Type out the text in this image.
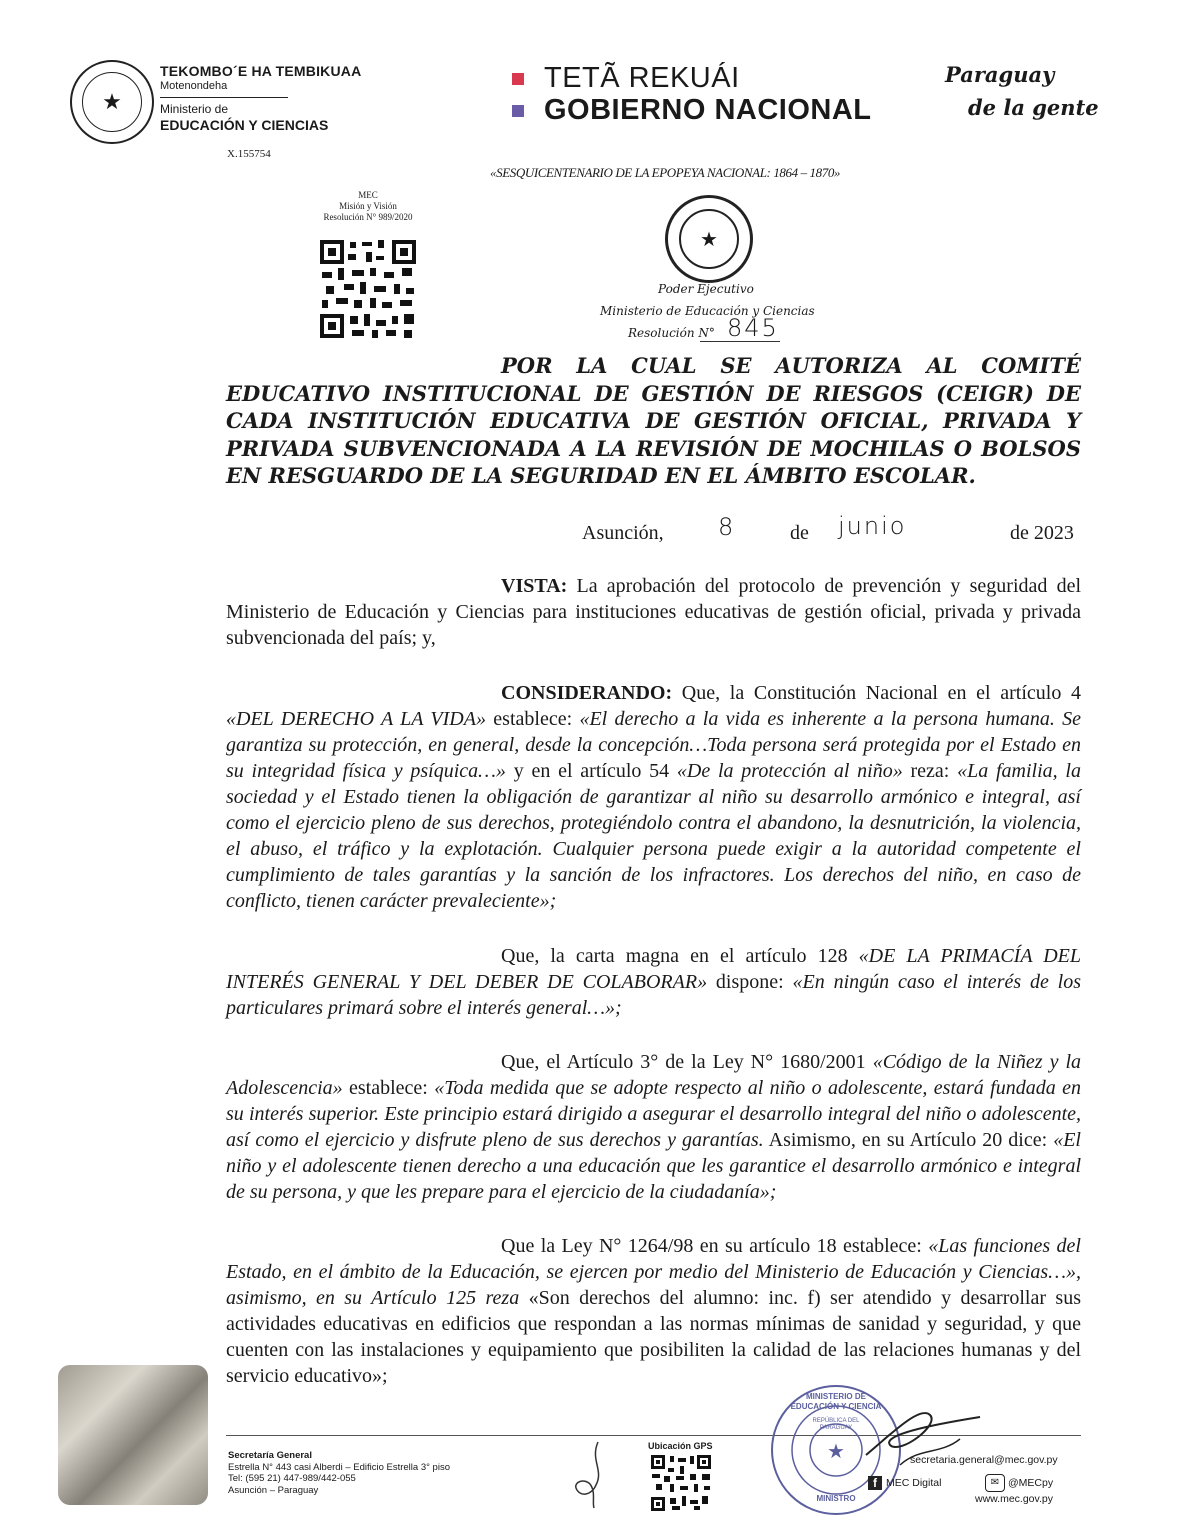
★
TEKOMBO´E HA TEMBIKUAA
Motenondeha
Ministerio de
EDUCACIÓN Y CIENCIAS
X.155754
TETÃ REKUÁI
GOBIERNO NACIONAL
Paraguay
de la gente
«SESQUICENTENARIO DE LA EPOPEYA NACIONAL: 1864 – 1870»
MEC
Misión y Visión
Resolución N° 989/2020
★
Poder Ejecutivo
Ministerio de Educación y Ciencias
Resolución N° 845
POR LA CUAL SE AUTORIZA AL COMITÉ EDUCATIVO INSTITUCIONAL DE GESTIÓN DE RIESGOS (CEIGR) DE CADA INSTITUCIÓN EDUCATIVA DE GESTIÓN OFICIAL, PRIVADA Y PRIVADA SUBVENCIONADA A LA REVISIÓN DE MOCHILAS O BOLSOS EN RESGUARDO DE LA SEGURIDAD EN EL ÁMBITO ESCOLAR.
Asunción, 8	de junio	de 2023
VISTA: La aprobación del protocolo de prevención y seguridad del Ministerio de Educación y Ciencias para instituciones educativas de gestión oficial, privada y privada subvencionada del país; y,
CONSIDERANDO: Que, la Constitución Nacional en el artículo 4 «DEL DERECHO A LA VIDA» establece: «El derecho a la vida es inherente a la persona humana. Se garantiza su protección, en general, desde la concepción…Toda persona será protegida por el Estado en su integridad física y psíquica…» y en el artículo 54 «De la protección al niño» reza: «La familia, la sociedad y el Estado tienen la obligación de garantizar al niño su desarrollo armónico e integral, así como el ejercicio pleno de sus derechos, protegiéndolo contra el abandono, la desnutrición, la violencia, el abuso, el tráfico y la explotación. Cualquier persona puede exigir a la autoridad competente el cumplimiento de tales garantías y la sanción de los infractores. Los derechos del niño, en caso de conflicto, tienen carácter prevaleciente»;
Que, la carta magna en el artículo 128 «DE LA PRIMACÍA DEL INTERÉS GENERAL Y DEL DEBER DE COLABORAR» dispone: «En ningún caso el interés de los particulares primará sobre el interés general…»;
Que, el Artículo 3° de la Ley N° 1680/2001 «Código de la Niñez y la Adolescencia» establece: «Toda medida que se adopte respecto al niño o adolescente, estará fundada en su interés superior. Este principio estará dirigido a asegurar el desarrollo integral del niño o adolescente, así como el ejercicio y disfrute pleno de sus derechos y garantías. Asimismo, en su Artículo 20 dice: «El niño y el adolescente tienen derecho a una educación que les garantice el desarrollo armónico e integral de su persona, y que les prepare para el ejercicio de la ciudadanía»;
Que la Ley N° 1264/98 en su artículo 18 establece: «Las funciones del Estado, en el ámbito de la Educación, se ejercen por medio del Ministerio de Educación y Ciencias…», asimismo, en su Artículo 125 reza «Son derechos del alumno: inc. f) ser atendido y desarrollar sus actividades educativas en edificios que respondan a las normas mínimas de sanidad y seguridad, y que cuenten con las instalaciones y equipamiento que posibiliten la calidad de las relaciones humanas y del servicio educativo»;
Secretaría General
Estrella N° 443 casi Alberdi – Edificio Estrella 3° piso
Tel: (595 21) 447-989/442-055
Asunción – Paraguay
Ubicación GPS	★
MINISTERIO DE EDUCACIÓN Y CIENCIA
REPÚBLICA DEL PARAGUAY
MINISTRO
secretaria.general@mec.gov.py
f MEC Digital	✉ @MECpy
www.mec.gov.py
